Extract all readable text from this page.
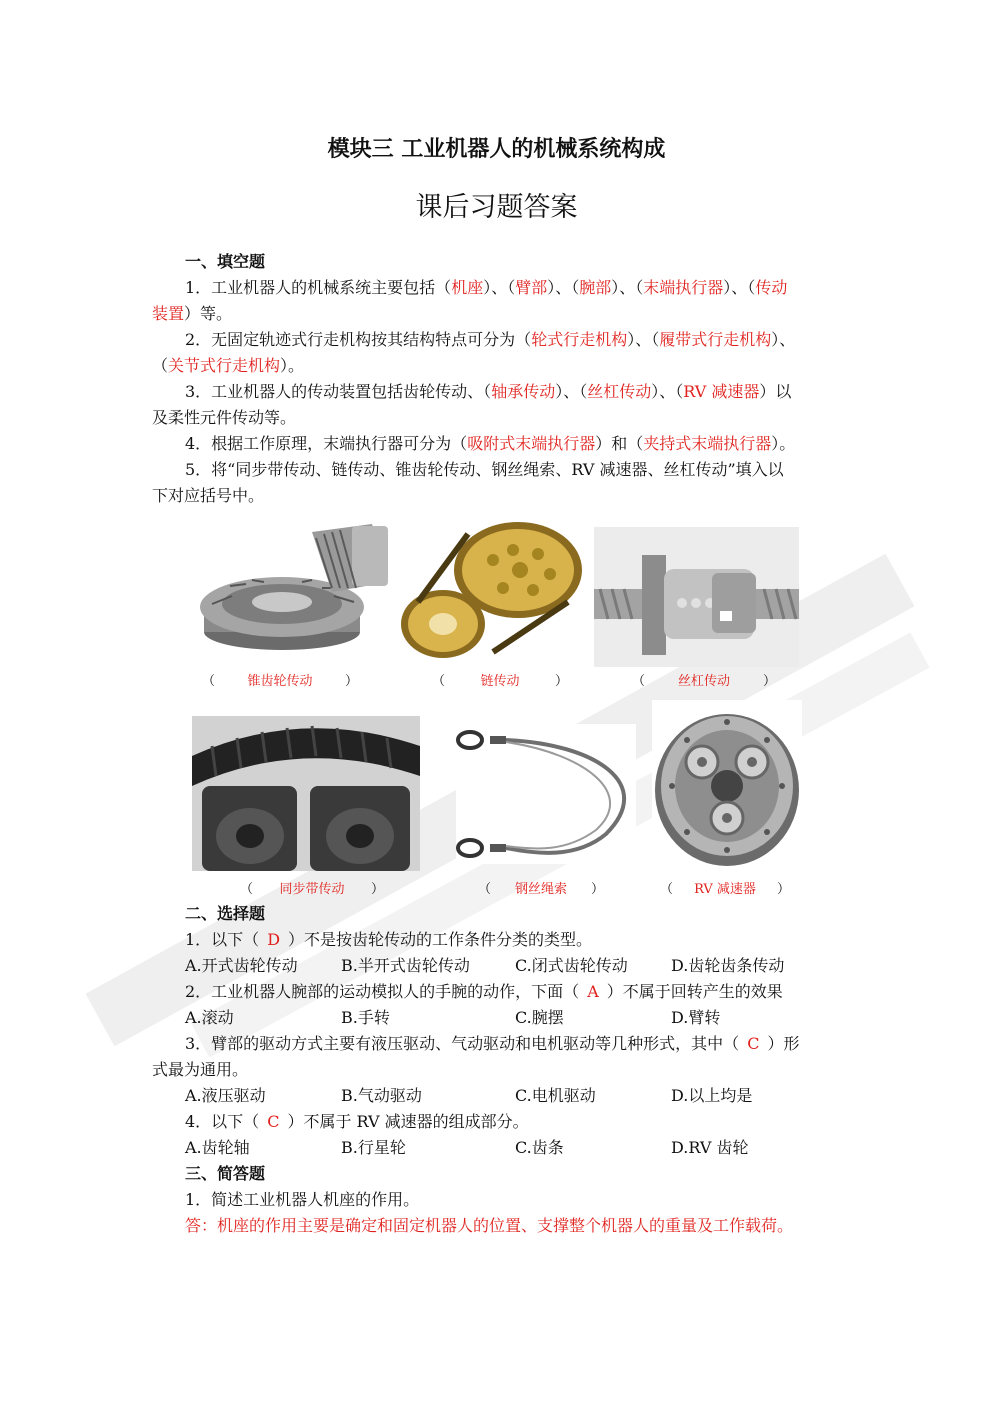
模块三 工业机器人的机械系统构成
课后习题答案
一、填空题
1．工业机器人的机械系统主要包括（机座）、（臂部）、（腕部）、（末端执行器）、（传动
装置）等。
2．无固定轨迹式行走机构按其结构特点可分为（轮式行走机构）、（履带式行走机构）、
（关节式行走机构）。
3．工业机器人的传动装置包括齿轮传动、（轴承传动）、（丝杠传动）、（RV 减速器）以
及柔性元件传动等。
4．根据工作原理，末端执行器可分为（吸附式末端执行器）和（夹持式末端执行器）。
5．将“同步带传动、链传动、锥齿轮传动、钢丝绳索、RV 减速器、丝杠传动”填入以
下对应括号中。
（ 锥齿轮传动	）	（	链传动	）	（	丝杠传动	）
（ 同步带传动 ）	（ 钢丝绳索 ）	（ RV 减速器 ）
二、选择题
1．以下（ D ）不是按齿轮传动的工作条件分类的类型。
A.开式齿轮传动	B.半开式齿轮传动	C.闭式齿轮传动	D.齿轮齿条传动
2．工业机器人腕部的运动模拟人的手腕的动作，下面（ A ）不属于回转产生的效果
A.滚动	B.手转	C.腕摆	D.臂转
3．臂部的驱动方式主要有液压驱动、气动驱动和电机驱动等几种形式，其中（ C ）形
式最为通用。
A.液压驱动	B.气动驱动	C.电机驱动	D.以上均是
4．以下（ C ）不属于 RV 减速器的组成部分。
A.齿轮轴	B.行星轮	C.齿条	D.RV 齿轮
三、简答题
1．简述工业机器人机座的作用。
答：机座的作用主要是确定和固定机器人的位置、支撑整个机器人的重量及工作载荷。
